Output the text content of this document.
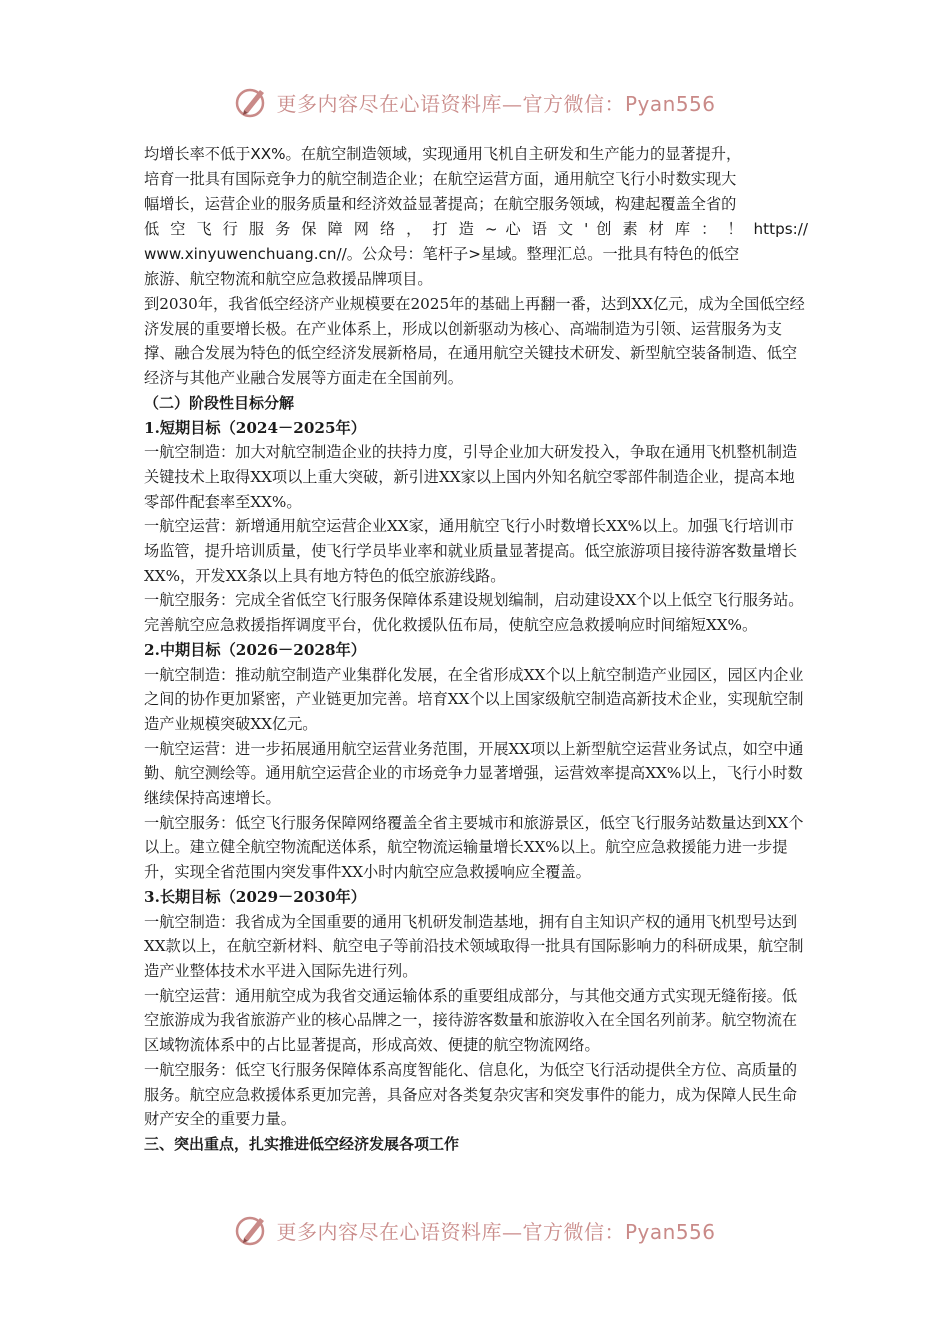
更多内容尽在心语资料库—官方微信：Pyan556
均增长率不低于XX%。在航空制造领域，实现通用飞机自主研发和生产能力的显著提升，
培育一批具有国际竞争力的航空制造企业；在航空运营方面，通用航空飞行小时数实现大
幅增长，运营企业的服务质量和经济效益显著提高；在航空服务领域，构建起覆盖全省的
低 空 飞 行 服 务 保 障 网 络 ， 打 造 ~ 心 语 文 ' 创 素 材 库 ： ！ https://
www.xinyuwenchuang.cn//。公众号：笔杆子>星域。整理汇总。一批具有特色的低空
旅游、航空物流和航空应急救援品牌项目。

到2030年，我省低空经济产业规模要在2025年的基础上再翻一番，达到XX亿元，成为全国低空经济发展的重要增长极。在产业体系上，形成以创新驱动为核心、高端制造为引领、运营服务为支撑、融合发展为特色的低空经济发展新格局，在通用航空关键技术研发、新型航空装备制造、低空经济与其他产业融合发展等方面走在全国前列。

（二）阶段性目标分解

1.短期目标（2024－2025年）

一航空制造：加大对航空制造企业的扶持力度，引导企业加大研发投入，争取在通用飞机整机制造关键技术上取得XX项以上重大突破，新引进XX家以上国内外知名航空零部件制造企业，提高本地零部件配套率至XX%。

一航空运营：新增通用航空运营企业XX家，通用航空飞行小时数增长XX%以上。加强飞行培训市场监管，提升培训质量，使飞行学员毕业率和就业质量显著提高。低空旅游项目接待游客数量增长XX%，开发XX条以上具有地方特色的低空旅游线路。

一航空服务：完成全省低空飞行服务保障体系建设规划编制，启动建设XX个以上低空飞行服务站。完善航空应急救援指挥调度平台，优化救援队伍布局，使航空应急救援响应时间缩短XX%。

2.中期目标（2026－2028年）

一航空制造：推动航空制造产业集群化发展，在全省形成XX个以上航空制造产业园区，园区内企业之间的协作更加紧密，产业链更加完善。培育XX个以上国家级航空制造高新技术企业，实现航空制造产业规模突破XX亿元。

一航空运营：进一步拓展通用航空运营业务范围，开展XX项以上新型航空运营业务试点，如空中通勤、航空测绘等。通用航空运营企业的市场竞争力显著增强，运营效率提高XX%以上，飞行小时数继续保持高速增长。

一航空服务：低空飞行服务保障网络覆盖全省主要城市和旅游景区，低空飞行服务站数量达到XX个以上。建立健全航空物流配送体系，航空物流运输量增长XX%以上。航空应急救援能力进一步提升，实现全省范围内突发事件XX小时内航空应急救援响应全覆盖。

3.长期目标（2029－2030年）

一航空制造：我省成为全国重要的通用飞机研发制造基地，拥有自主知识产权的通用飞机型号达到XX款以上，在航空新材料、航空电子等前沿技术领域取得一批具有国际影响力的科研成果，航空制造产业整体技术水平进入国际先进行列。

一航空运营：通用航空成为我省交通运输体系的重要组成部分，与其他交通方式实现无缝衔接。低空旅游成为我省旅游产业的核心品牌之一，接待游客数量和旅游收入在全国名列前茅。航空物流在区域物流体系中的占比显著提高，形成高效、便捷的航空物流网络。

一航空服务：低空飞行服务保障体系高度智能化、信息化，为低空飞行活动提供全方位、高质量的服务。航空应急救援体系更加完善，具备应对各类复杂灾害和突发事件的能力，成为保障人民生命财产安全的重要力量。

三、突出重点，扎实推进低空经济发展各项工作

更多内容尽在心语资料库—官方微信：Pyan556
